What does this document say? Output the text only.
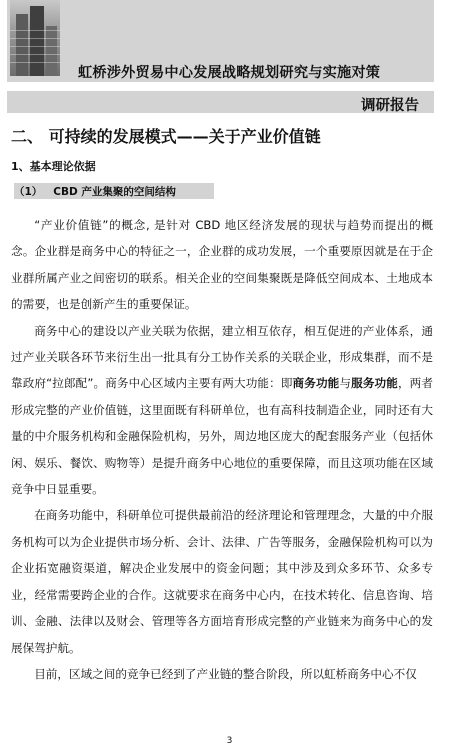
虹桥涉外贸易中心发展战略规划研究与实施对策
调研报告
二、 可持续的发展模式——关于产业价值链
1、基本理论依据
（1）   CBD 产业集聚的空间结构

“产业价值链”的概念, 是针对 CBD 地区经济发展的现状与趋势而提出的概念。企业群是商务中心的特征之一，企业群的成功发展，一个重要原因就是在于企业群所属产业之间密切的联系。相关企业的空间集聚既是降低空间成本、土地成本的需要，也是创新产生的重要保证。

商务中心的建设以产业关联为依据，建立相互依存，相互促进的产业体系，通过产业关联各环节来衍生出一批具有分工协作关系的关联企业，形成集群，而不是靠政府“拉郎配”。商务中心区域内主要有两大功能：即商务功能与服务功能，两者形成完整的产业价值链，这里面既有科研单位，也有高科技制造企业，同时还有大量的中介服务机构和金融保险机构，另外，周边地区庞大的配套服务产业（包括休闲、娱乐、餐饮、购物等）是提升商务中心地位的重要保障，而且这项功能在区域竞争中日显重要。

在商务功能中，科研单位可提供最前沿的经济理论和管理理念，大量的中介服务机构可以为企业提供市场分析、会计、法律、广告等服务，金融保险机构可以为企业拓宽融资渠道，解决企业发展中的资金问题；其中涉及到众多环节、众多专业，经常需要跨企业的合作。这就要求在商务中心内，在技术转化、信息咨询、培训、金融、法律以及财会、管理等各方面培育形成完整的产业链来为商务中心的发展保驾护航。

目前，区域之间的竞争已经到了产业链的整合阶段，所以虹桥商务中心不仅

3
